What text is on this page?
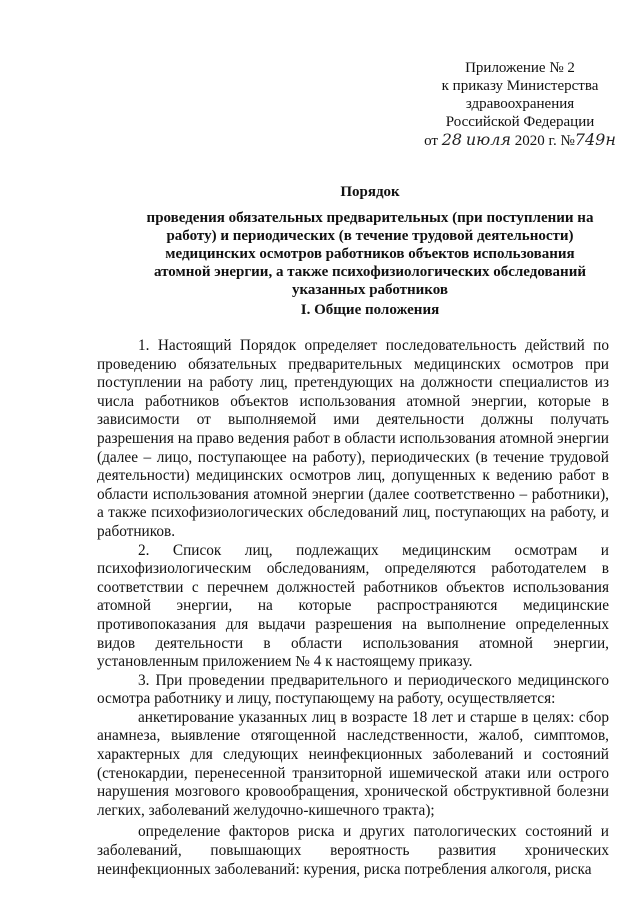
Приложение № 2
к приказу Министерства
здравоохранения
Российской Федерации
от 28 июля 2020 г. №749н
Порядок
проведения обязательных предварительных (при поступлении на
работу) и периодических (в течение трудовой деятельности)
медицинских осмотров работников объектов использования
атомной энергии, а также психофизиологических обследований
указанных работников
I. Общие положения

1. Настоящий Порядок определяет последовательность действий по проведению обязательных предварительных медицинских осмотров при поступлении на работу лиц, претендующих на должности специалистов из числа работников объектов использования атомной энергии, которые в зависимости от выполняемой ими деятельности должны получать разрешения на право ведения работ в области использования атомной энергии (далее – лицо, поступающее на работу), периодических (в течение трудовой деятельности) медицинских осмотров лиц, допущенных к ведению работ в области использования атомной энергии (далее соответственно – работники), а также психофизиологических обследований лиц, поступающих на работу, и работников.

2. Список лиц, подлежащих медицинским осмотрам и психофизиологическим обследованиям, определяются работодателем в соответствии с перечнем должностей работников объектов использования атомной энергии, на которые распространяются медицинские противопоказания для выдачи разрешения на выполнение определенных видов деятельности в области использования атомной энергии, установленным приложением № 4 к настоящему приказу.

3. При проведении предварительного и периодического медицинского осмотра работнику и лицу, поступающему на работу, осуществляется:

анкетирование указанных лиц в возрасте 18 лет и старше в целях: сбор анамнеза, выявление отягощенной наследственности, жалоб, симптомов, характерных для следующих неинфекционных заболеваний и состояний (стенокардии, перенесенной транзиторной ишемической атаки или острого нарушения мозгового кровообращения, хронической обструктивной болезни легких, заболеваний желудочно-кишечного тракта);

определение факторов риска и других патологических состояний и заболеваний, повышающих вероятность развития хронических неинфекционных заболеваний: курения, риска потребления алкоголя, риска
